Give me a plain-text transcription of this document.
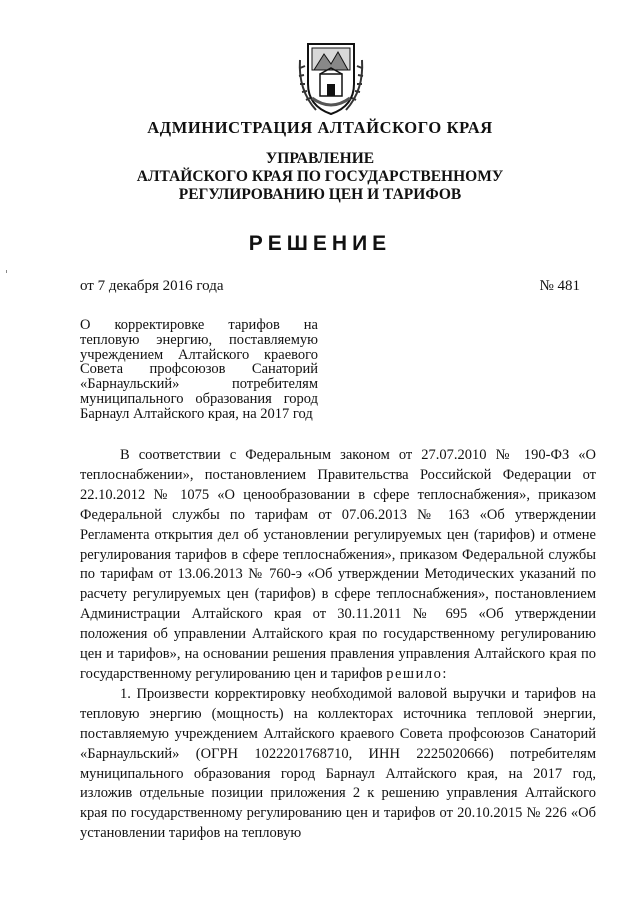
АДМИНИСТРАЦИЯ АЛТАЙСКОГО КРАЯ
УПРАВЛЕНИЕ
АЛТАЙСКОГО КРАЯ ПО ГОСУДАРСТВЕННОМУ
РЕГУЛИРОВАНИЮ ЦЕН И ТАРИФОВ
РЕШЕНИЕ
от 7 декабря 2016 года	№ 481
О корректировке тарифов на тепловую энергию, поставляемую учреждением Алтайского краевого Совета профсоюзов Санаторий «Барнаульский» потребителям муниципального образования город Барнаул Алтайского края, на 2017 год

В соответствии с Федеральным законом от 27.07.2010 № 190-ФЗ «О теплоснабжении», постановлением Правительства Российской Федерации от 22.10.2012 № 1075 «О ценообразовании в сфере теплоснабжения», приказом Федеральной службы по тарифам от 07.06.2013 № 163 «Об утверждении Регламента открытия дел об установлении регулируемых цен (тарифов) и отмене регулирования тарифов в сфере теплоснабжения», приказом Федеральной службы по тарифам от 13.06.2013 № 760-э «Об утверждении Методических указаний по расчету регулируемых цен (тарифов) в сфере теплоснабжения», постановлением Администрации Алтайского края от 30.11.2011 № 695 «Об утверждении положения об управлении Алтайского края по государственному регулированию цен и тарифов», на основании решения правления управления Алтайского края по государственному регулированию цен и тарифов решило:

1. Произвести корректировку необходимой валовой выручки и тарифов на тепловую энергию (мощность) на коллекторах источника тепловой энергии, поставляемую учреждением Алтайского краевого Совета профсоюзов Санаторий «Барнаульский» (ОГРН 1022201768710, ИНН 2225020666) потребителям муниципального образования город Барнаул Алтайского края, на 2017 год, изложив отдельные позиции приложения 2 к решению управления Алтайского края по государственному регулированию цен и тарифов от 20.10.2015 № 226 «Об установлении тарифов на тепловую
